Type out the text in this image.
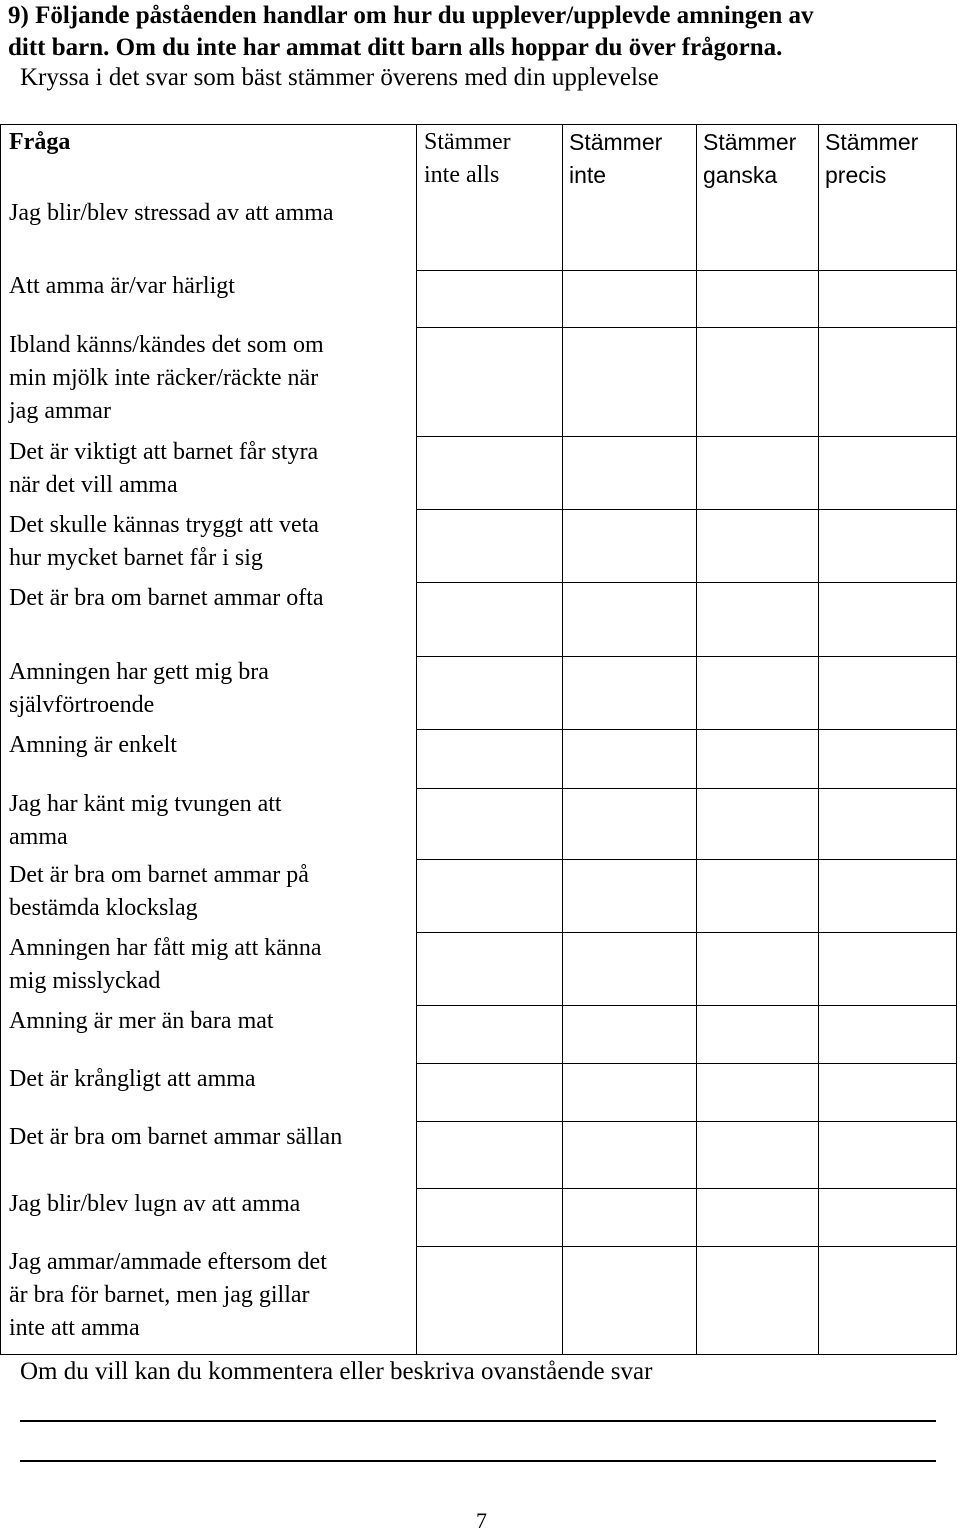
9) Följande påståenden handlar om hur du upplever/upplevde amningen av
ditt barn. Om du inte har ammat ditt barn alls hoppar du över frågorna.
Kryssa i det svar som bäst stämmer överens med din upplevelse
Fråga	Stämmer
inte alls
Stämmer
inte
Stämmer
ganska
Stämmer
precis
Jag blir/blev stressad av att amma
Att amma är/var härligt
Ibland känns/kändes det som om
min mjölk inte räcker/räckte när
jag ammar
Det är viktigt att barnet får styra
när det vill amma
Det skulle kännas tryggt att veta
hur mycket barnet får i sig
Det är bra om barnet ammar ofta
Amningen har gett mig bra
självförtroende
Amning är enkelt
Jag har känt mig tvungen att
amma
Det är bra om barnet ammar på
bestämda klockslag
Amningen har fått mig att känna
mig misslyckad
Amning är mer än bara mat
Det är krångligt att amma
Det är bra om barnet ammar sällan
Jag blir/blev lugn av att amma
Jag ammar/ammade eftersom det
är bra för barnet, men jag gillar
inte att amma
Om du vill kan du kommentera eller beskriva ovanstående svar
7
